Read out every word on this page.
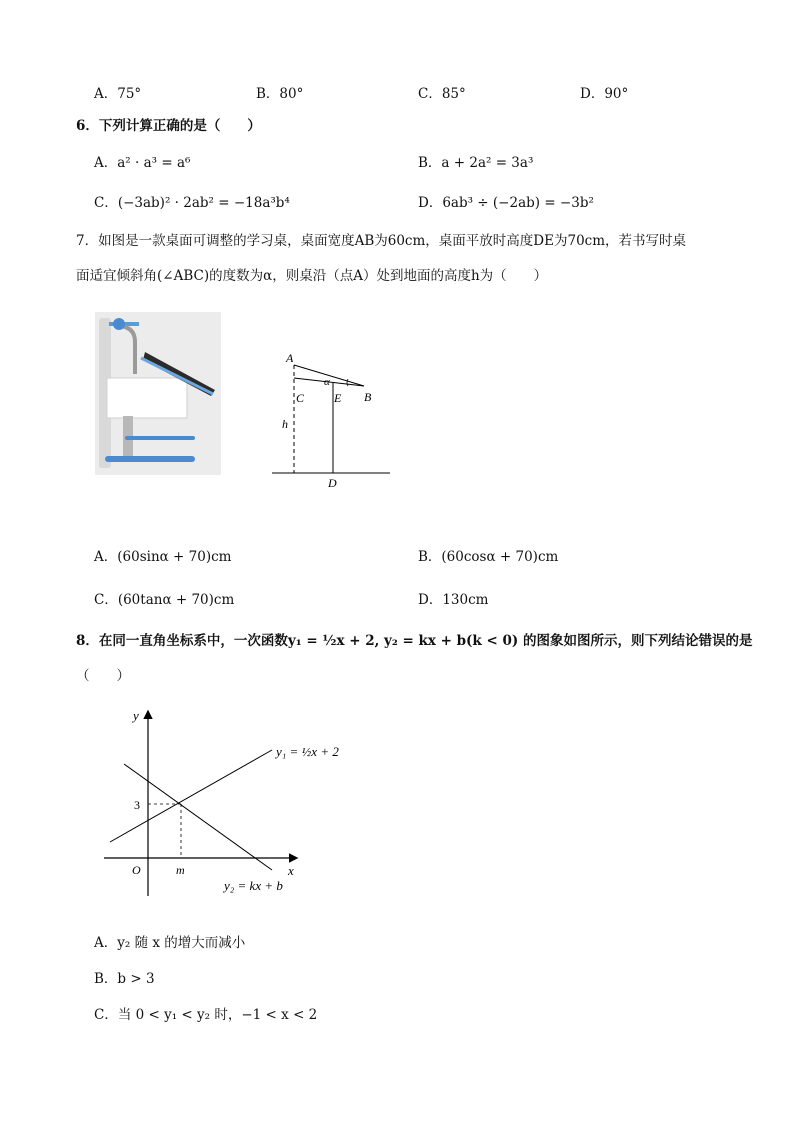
A．75°	B．80°	C．85°	D．90°
6．下列计算正确的是（　　）
A．a² · a³ = a⁶	B．a + 2a² = 3a³
C．(−3ab)² · 2ab² = −18a³b⁴	D．6ab³ ÷ (−2ab) = −3b²
7．如图是一款桌面可调整的学习桌，桌面宽度AB为60cm，桌面平放时高度DE为70cm，若书写时桌
面适宜倾斜角(∠ABC)的度数为α，则桌沿（点A）处到地面的高度h为（　　）
A
B
C
D
E
h
α
A．(60sinα + 70)cm	B．(60cosα + 70)cm
C．(60tanα + 70)cm	D．130cm
8．在同一直角坐标系中，一次函数y₁ = ½x + 2, y₂ = kx + b(k < 0) 的图象如图所示，则下列结论错误的是
（　　）
y
x
O
3
m
y₁ = ½x + 2
y₂ = kx + b
A．y₂ 随 x 的增大而减小
B．b > 3
C．当 0 < y₁ < y₂ 时，−1 < x < 2
